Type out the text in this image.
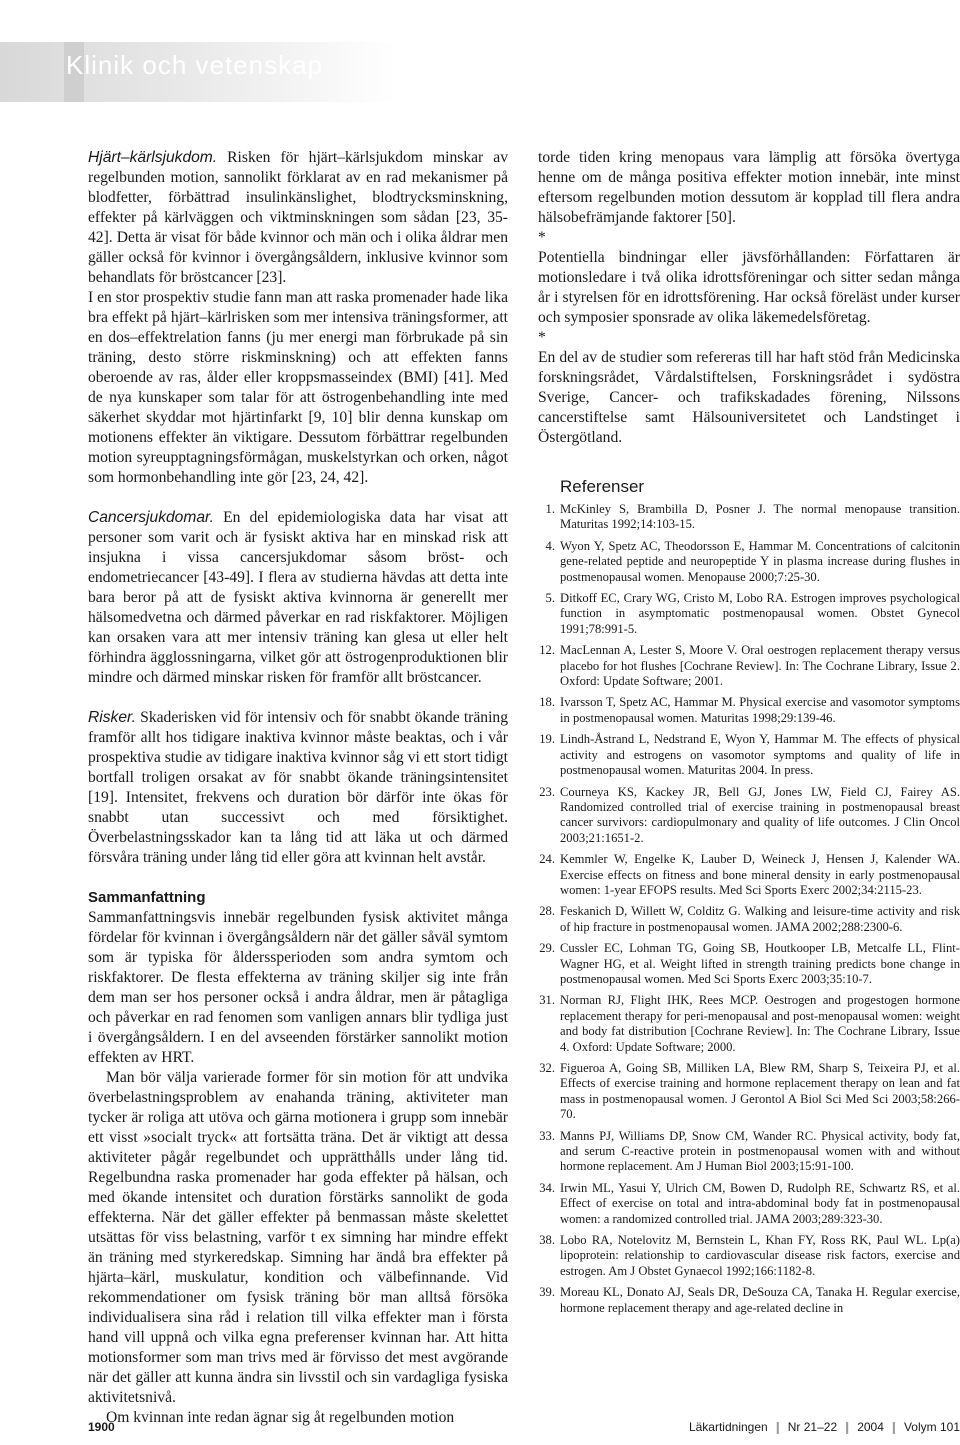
Klinik och vetenskap

Hjärt–kärlsjukdom. Risken för hjärt–kärlsjukdom minskar av regelbunden motion, sannolikt förklarat av en rad mekanismer på blodfetter, förbättrad insulinkänslighet, blodtrycksminskning, effekter på kärlväggen och viktminskningen som sådan [23, 35-42]. Detta är visat för både kvinnor och män och i olika åldrar men gäller också för kvinnor i övergångsåldern, inklusive kvinnor som behandlats för bröstcancer [23].

I en stor prospektiv studie fann man att raska promenader hade lika bra effekt på hjärt–kärlrisken som mer intensiva träningsformer, att en dos–effektrelation fanns (ju mer energi man förbrukade på sin träning, desto större riskminskning) och att effekten fanns oberoende av ras, ålder eller kroppsmasseindex (BMI) [41]. Med de nya kunskaper som talar för att östrogenbehandling inte med säkerhet skyddar mot hjärtinfarkt [9, 10] blir denna kunskap om motionens effekter än viktigare. Dessutom förbättrar regelbunden motion syreupptagningsförmågan, muskelstyrkan och orken, något som hormonbehandling inte gör [23, 24, 42].

Cancersjukdomar. En del epidemiologiska data har visat att personer som varit och är fysiskt aktiva har en minskad risk att insjukna i vissa cancersjukdomar såsom bröst- och endometriecancer [43-49]. I flera av studierna hävdas att detta inte bara beror på att de fysiskt aktiva kvinnorna är generellt mer hälsomedvetna och därmed påverkar en rad riskfaktorer. Möjligen kan orsaken vara att mer intensiv träning kan glesa ut eller helt förhindra ägglossningarna, vilket gör att östrogenproduktionen blir mindre och därmed minskar risken för framför allt bröstcancer.

Risker. Skaderisken vid för intensiv och för snabbt ökande träning framför allt hos tidigare inaktiva kvinnor måste beaktas, och i vår prospektiva studie av tidigare inaktiva kvinnor såg vi ett stort tidigt bortfall troligen orsakat av för snabbt ökande träningsintensitet [19]. Intensitet, frekvens och duration bör därför inte ökas för snabbt utan successivt och med försiktighet. Överbelastningsskador kan ta lång tid att läka ut och därmed försvåra träning under lång tid eller göra att kvinnan helt avstår.

Sammanfattning

Sammanfattningsvis innebär regelbunden fysisk aktivitet många fördelar för kvinnan i övergångsåldern när det gäller såväl symtom som är typiska för ålderssperioden som andra symtom och riskfaktorer. De flesta effekterna av träning skiljer sig inte från dem man ser hos personer också i andra åldrar, men är påtagliga och påverkar en rad fenomen som vanligen annars blir tydliga just i övergångsåldern. I en del avseenden förstärker sannolikt motion effekten av HRT.

Man bör välja varierade former för sin motion för att undvika överbelastningsproblem av enahanda träning, aktiviteter man tycker är roliga att utöva och gärna motionera i grupp som innebär ett visst »socialt tryck« att fortsätta träna. Det är viktigt att dessa aktiviteter pågår regelbundet och upprätthålls under lång tid. Regelbundna raska promenader har goda effekter på hälsan, och med ökande intensitet och duration förstärks sannolikt de goda effekterna. När det gäller effekter på benmassan måste skelettet utsättas för viss belastning, varför t ex simning har mindre effekt än träning med styrkeredskap. Simning har ändå bra effekter på hjärta–kärl, muskulatur, kondition och välbefinnande. Vid rekommendationer om fysisk träning bör man alltså försöka individualisera sina råd i relation till vilka effekter man i första hand vill uppnå och vilka egna preferenser kvinnan har. Att hitta motionsformer som man trivs med är förvisso det mest avgörande när det gäller att kunna ändra sin livsstil och sin vardagliga fysiska aktivitetsnivå.

Om kvinnan inte redan ägnar sig åt regelbunden motion

torde tiden kring menopaus vara lämplig att försöka övertyga henne om de många positiva effekter motion innebär, inte minst eftersom regelbunden motion dessutom är kopplad till flera andra hälsobefrämjande faktorer [50].

*

Potentiella bindningar eller jävsförhållanden: Författaren är motionsledare i två olika idrottsföreningar och sitter sedan många år i styrelsen för en idrottsförening. Har också föreläst under kurser och symposier sponsrade av olika läkemedelsföretag.

*

En del av de studier som refereras till har haft stöd från Medicinska forskningsrådet, Vårdalstiftelsen, Forskningsrådet i sydöstra Sverige, Cancer- och trafikskadades förening, Nilssons cancerstiftelse samt Hälsouniversitetet och Landstinget i Östergötland.

Referenser
1. McKinley S, Brambilla D, Posner J. The normal menopause transition. Maturitas 1992;14:103-15.
4. Wyon Y, Spetz AC, Theodorsson E, Hammar M. Concentrations of calcitonin gene-related peptide and neuropeptide Y in plasma increase during flushes in postmenopausal women. Menopause 2000;7:25-30.
5. Ditkoff EC, Crary WG, Cristo M, Lobo RA. Estrogen improves psychological function in asymptomatic postmenopausal women. Obstet Gynecol 1991;78:991-5.
12. MacLennan A, Lester S, Moore V. Oral oestrogen replacement therapy versus placebo for hot flushes [Cochrane Review]. In: The Cochrane Library, Issue 2. Oxford: Update Software; 2001.
18. Ivarsson T, Spetz AC, Hammar M. Physical exercise and vasomotor symptoms in postmenopausal women. Maturitas 1998;29:139-46.
19. Lindh-Åstrand L, Nedstrand E, Wyon Y, Hammar M. The effects of physical activity and estrogens on vasomotor symptoms and quality of life in postmenopausal women. Maturitas 2004. In press.
23. Courneya KS, Kackey JR, Bell GJ, Jones LW, Field CJ, Fairey AS. Randomized controlled trial of exercise training in postmenopausal breast cancer survivors: cardiopulmonary and quality of life outcomes. J Clin Oncol 2003;21:1651-2.
24. Kemmler W, Engelke K, Lauber D, Weineck J, Hensen J, Kalender WA. Exercise effects on fitness and bone mineral density in early postmenopausal women: 1-year EFOPS results. Med Sci Sports Exerc 2002;34:2115-23.
28. Feskanich D, Willett W, Colditz G. Walking and leisure-time activity and risk of hip fracture in postmenopausal women. JAMA 2002;288:2300-6.
29. Cussler EC, Lohman TG, Going SB, Houtkooper LB, Metcalfe LL, Flint-Wagner HG, et al. Weight lifted in strength training predicts bone change in postmenopausal women. Med Sci Sports Exerc 2003;35:10-7.
31. Norman RJ, Flight IHK, Rees MCP. Oestrogen and progestogen hormone replacement therapy for peri-menopausal and post-menopausal women: weight and body fat distribution [Cochrane Review]. In: The Cochrane Library, Issue 4. Oxford: Update Software; 2000.
32. Figueroa A, Going SB, Milliken LA, Blew RM, Sharp S, Teixeira PJ, et al. Effects of exercise training and hormone replacement therapy on lean and fat mass in postmenopausal women. J Gerontol A Biol Sci Med Sci 2003;58:266-70.
33. Manns PJ, Williams DP, Snow CM, Wander RC. Physical activity, body fat, and serum C-reactive protein in postmenopausal women with and without hormone replacement. Am J Human Biol 2003;15:91-100.
34. Irwin ML, Yasui Y, Ulrich CM, Bowen D, Rudolph RE, Schwartz RS, et al. Effect of exercise on total and intra-abdominal body fat in postmenopausal women: a randomized controlled trial. JAMA 2003;289:323-30.
38. Lobo RA, Notelovitz M, Bernstein L, Khan FY, Ross RK, Paul WL. Lp(a) lipoprotein: relationship to cardiovascular disease risk factors, exercise and estrogen. Am J Obstet Gynaecol 1992;166:1182-8.
39. Moreau KL, Donato AJ, Seals DR, DeSouza CA, Tanaka H. Regular exercise, hormone replacement therapy and age-related decline in
1900	Läkartidningen ❙ Nr 21–22 ❙ 2004 ❙ Volym 101
